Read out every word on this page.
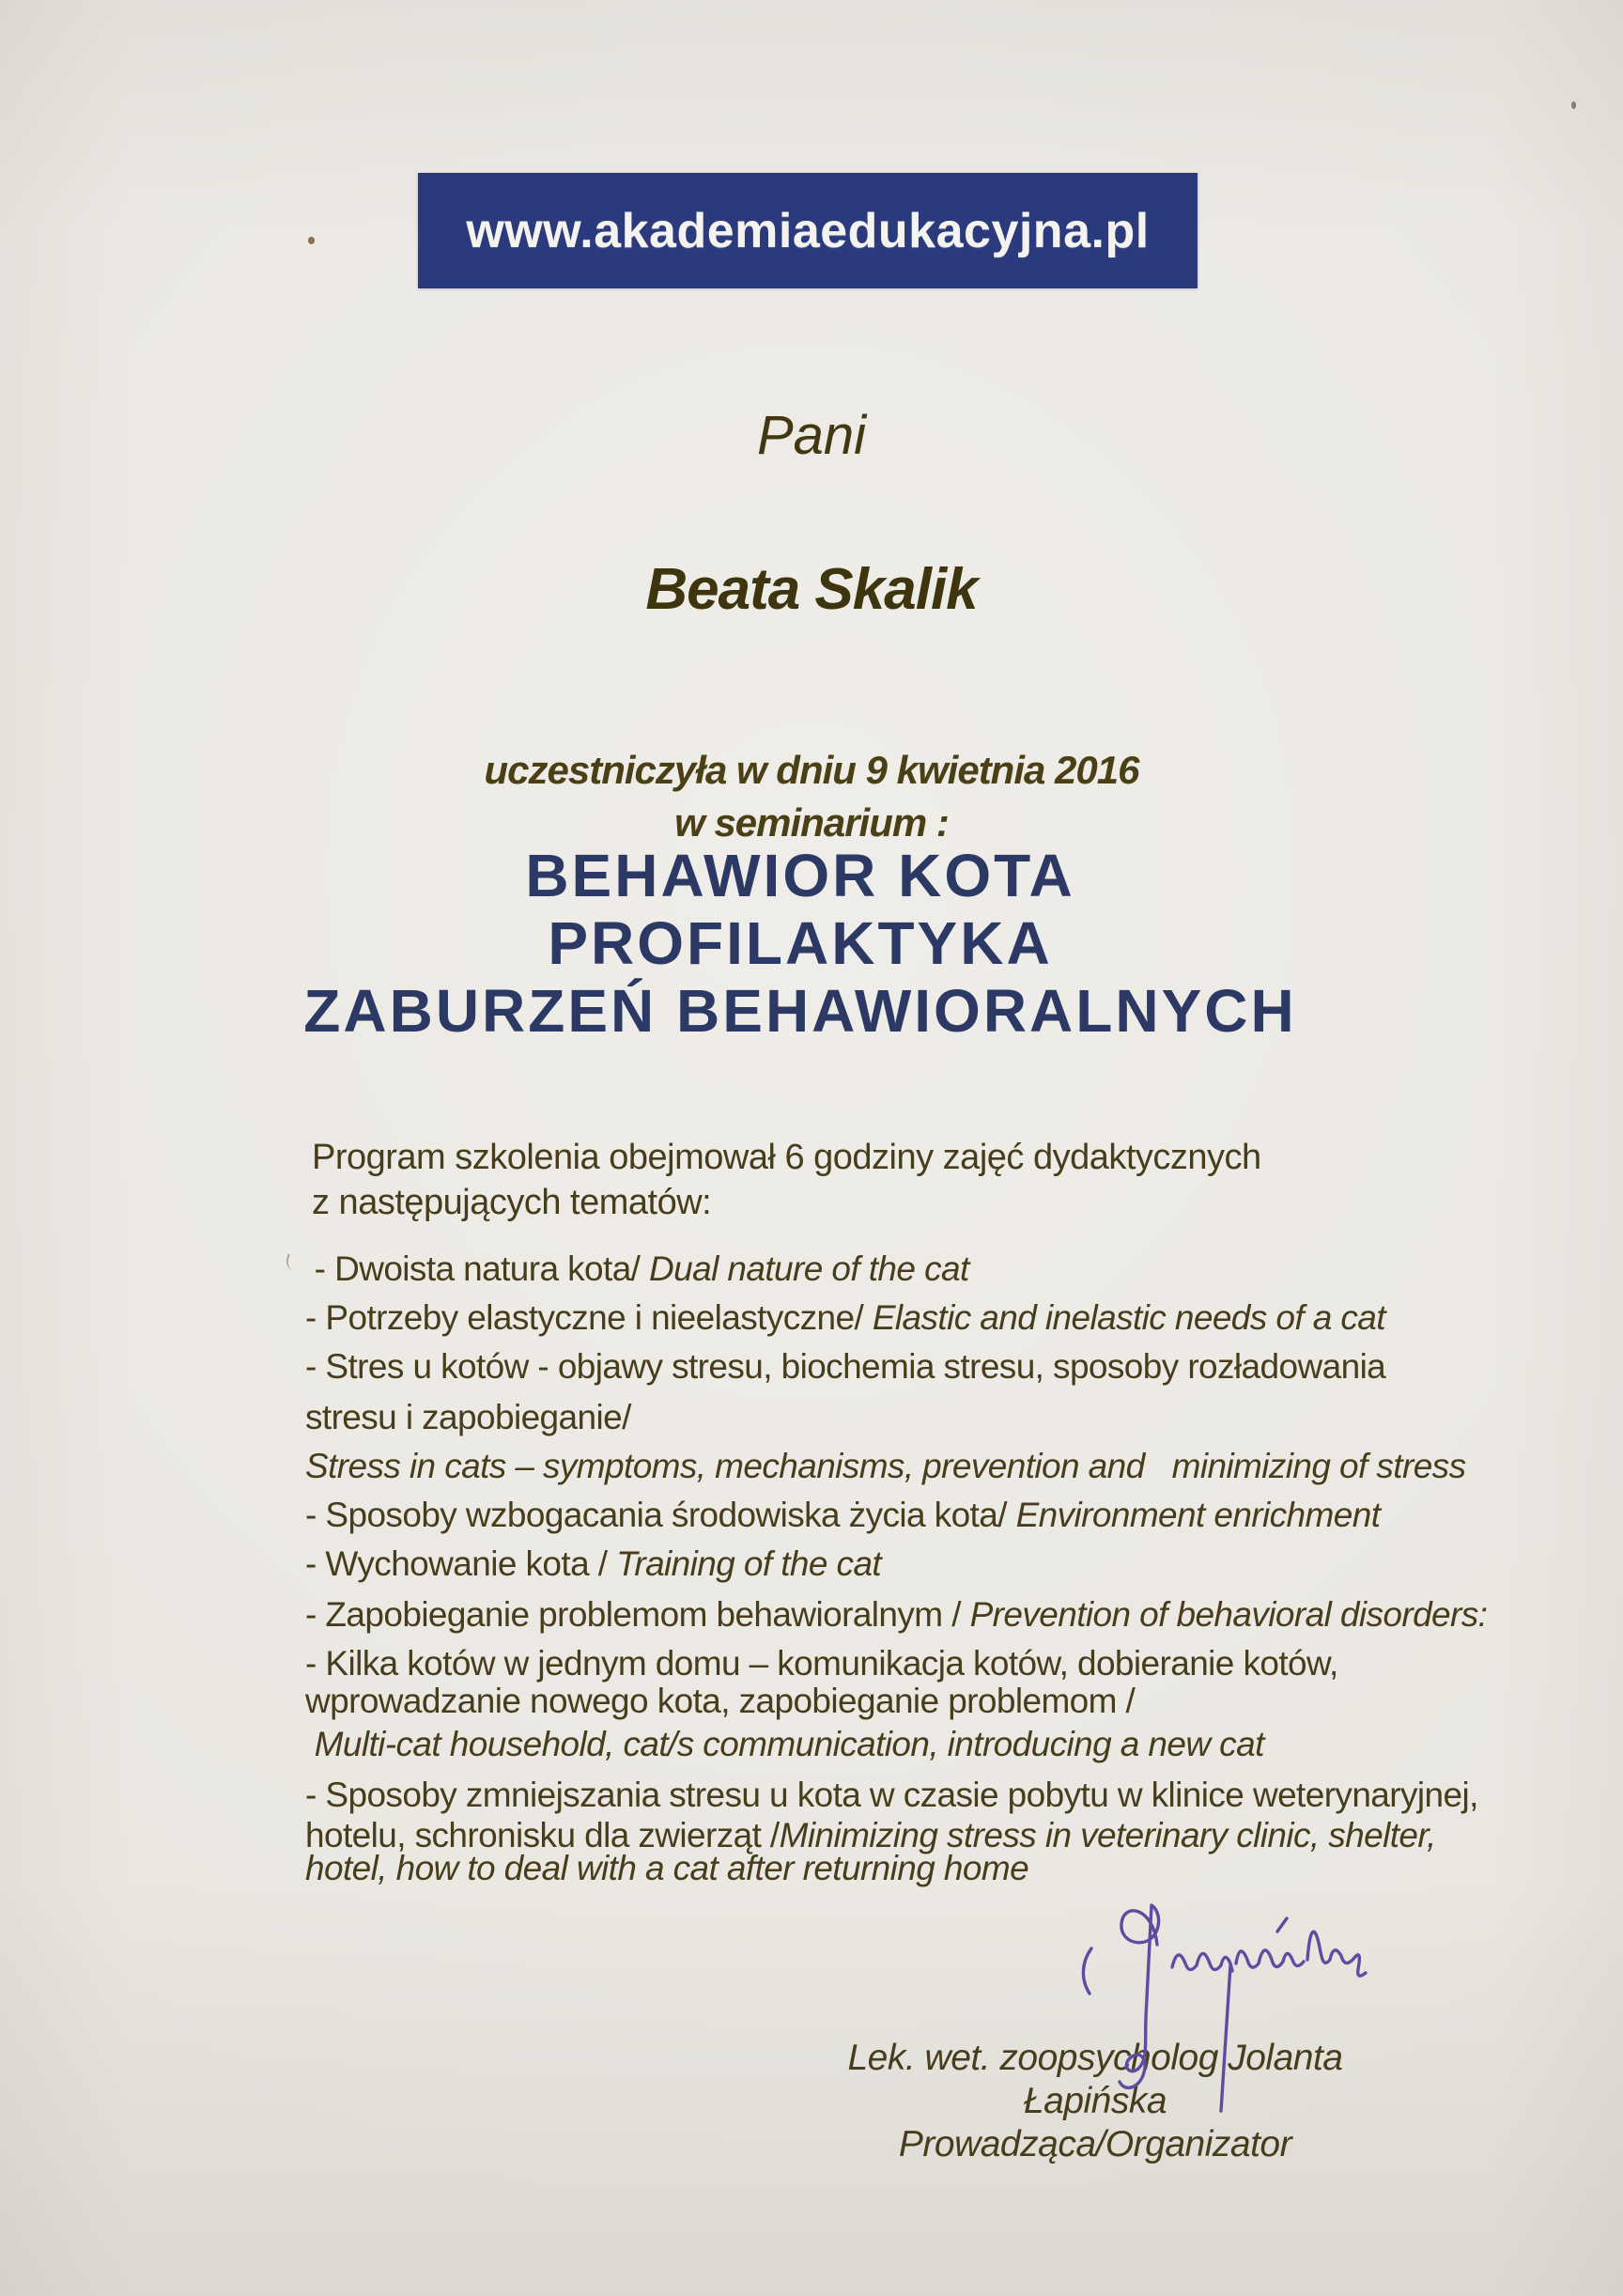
www.akademiaedukacyjna.pl
Pani
Beata Skalik
uczestniczyła w dniu 9 kwietnia 2016
w seminarium :
BEHAWIOR KOTA
PROFILAKTYKA
ZABURZEŃ BEHAWIORALNYCH
Program szkolenia obejmował 6 godziny zajęć dydaktycznych
z następujących tematów:
- Dwoista natura kota/ Dual nature of the cat
- Potrzeby elastyczne i nieelastyczne/ Elastic and inelastic needs of a cat
- Stres u kotów - objawy stresu, biochemia stresu, sposoby rozładowania
stresu i zapobieganie/
Stress in cats – symptoms, mechanisms, prevention and   minimizing of stress
- Sposoby wzbogacania środowiska życia kota/ Environment enrichment
- Wychowanie kota / Training of the cat
- Zapobieganie problemom behawioralnym / Prevention of behavioral disorders:
- Kilka kotów w jednym domu – komunikacja kotów, dobieranie kotów,
wprowadzanie nowego kota, zapobieganie problemom /
Multi-cat household, cat/s communication, introducing a new cat
- Sposoby zmniejszania stresu u kota w czasie pobytu w klinice weterynaryjnej,
hotelu, schronisku dla zwierząt /Minimizing stress in veterinary clinic, shelter,
hotel, how to deal with a cat after returning home
Lek. wet. zoopsycholog Jolanta Łapińska
Prowadząca/Organizator
